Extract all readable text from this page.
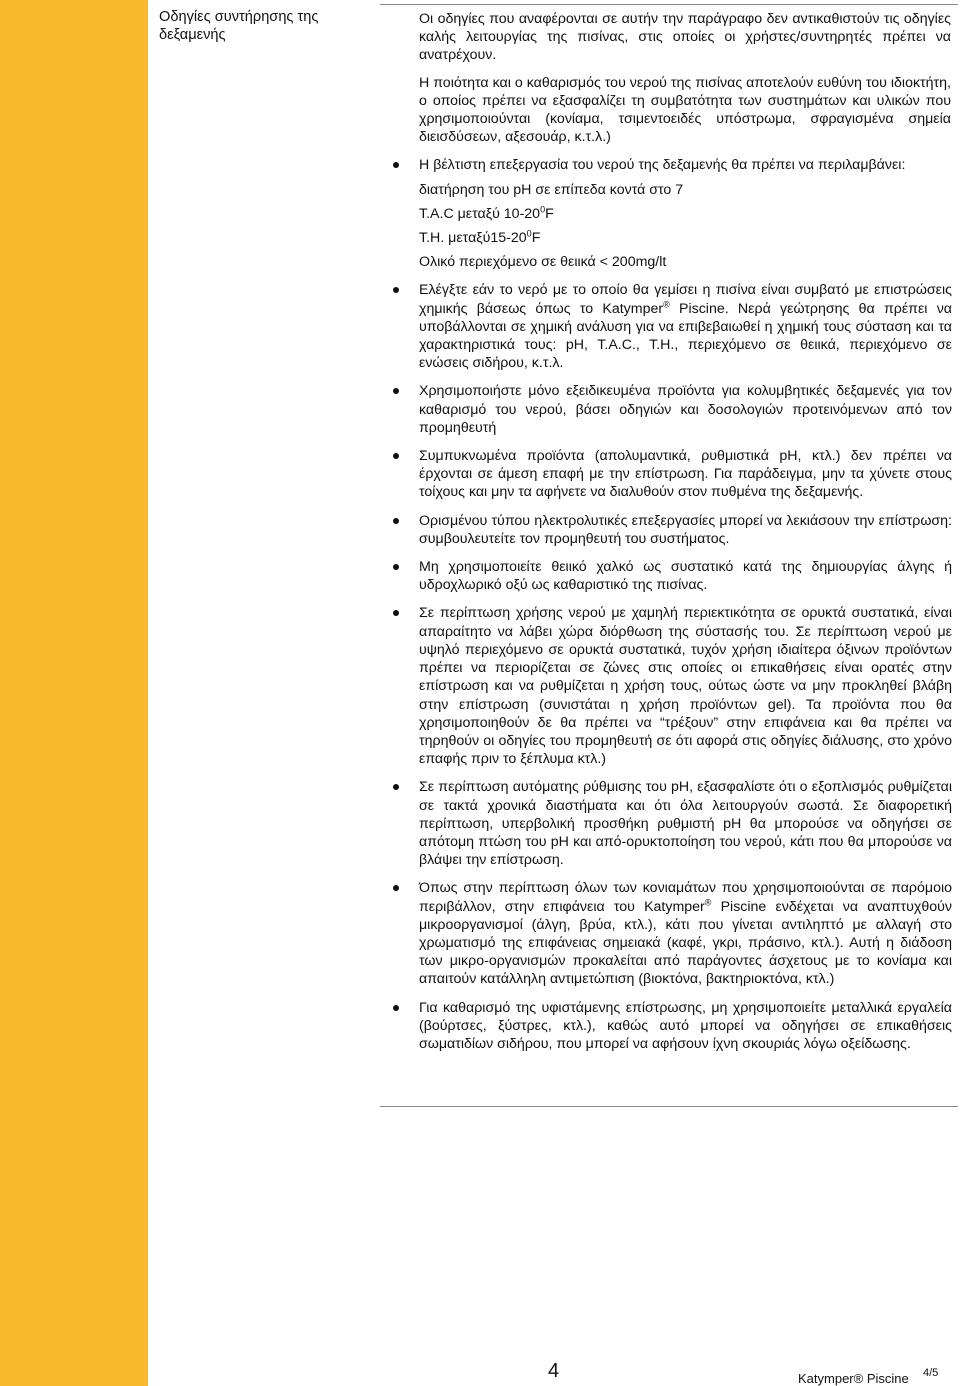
Οδηγίες συντήρησης της δεξαμενής

Οι οδηγίες που αναφέρονται σε αυτήν την παράγραφο δεν αντικαθιστούν τις οδηγίες καλής λειτουργίας της πισίνας, στις οποίες οι χρήστες/συντηρητές πρέπει να ανατρέχουν.

Η ποιότητα και ο καθαρισμός του νερού της πισίνας αποτελούν ευθύνη του ιδιοκτήτη, ο οποίος πρέπει να εξασφαλίζει τη συμβατότητα των συστημάτων και υλικών που χρησιμοποιούνται (κονίαμα, τσιμεντοειδές υπόστρωμα, σφραγισμένα σημεία διεισδύσεων, αξεσουάρ, κ.τ.λ.)

Η βέλτιστη επεξεργασία του νερού της δεξαμενής θα πρέπει να περιλαμβάνει:
διατήρηση του pH σε επίπεδα κοντά στο 7
T.A.C μεταξύ $10-20^0F$
T.H. $\mu\varepsilon\tau\alpha\xi ύ15-20^0F$
Ολικό περιεχόμενο σε θειικά < 200mg/lt
Ελέγξτε εάν το νερό με το οποίο θα γεμίσει η πισίνα είναι συμβατό με επιστρώσεις χημικής βάσεως όπως το Katymper® Piscine. Νερά γεώτρησης θα πρέπει να υποβάλλονται σε χημική ανάλυση για να επιβεβαιωθεί η χημική τους σύσταση και τα χαρακτηριστικά τους: pH, T.A.C., T.H., περιεχόμενο σε θειικά, περιεχόμενο σε ενώσεις σιδήρου, κ.τ.λ.
Χρησιμοποιήστε μόνο εξειδικευμένα προϊόντα για κολυμβητικές δεξαμενές για τον καθαρισμό του νερού, βάσει οδηγιών και δοσολογιών προτεινόμενων από τον προμηθευτή
Συμπυκνωμένα προϊόντα (απολυμαντικά, ρυθμιστικά pH, κτλ.) δεν πρέπει να έρχονται σε άμεση επαφή με την επίστρωση. Για παράδειγμα, μην τα χύνετε στους τοίχους και μην τα αφήνετε να διαλυθούν στον πυθμένα της δεξαμενής.
Ορισμένου τύπου ηλεκτρολυτικές επεξεργασίες μπορεί να λεκιάσουν την επίστρωση: συμβουλευτείτε τον προμηθευτή του συστήματος.
Μη χρησιμοποιείτε θειικό χαλκό ως συστατικό κατά της δημιουργίας άλγης ή υδροχλωρικό οξύ ως καθαριστικό της πισίνας.
Σε περίπτωση χρήσης νερού με χαμηλή περιεκτικότητα σε ορυκτά συστατικά, είναι απαραίτητο να λάβει χώρα διόρθωση της σύστασής του. Σε περίπτωση νερού με υψηλό περιεχόμενο σε ορυκτά συστατικά, τυχόν χρήση ιδιαίτερα όξινων προϊόντων πρέπει να περιορίζεται σε ζώνες στις οποίες οι επικαθήσεις είναι ορατές στην επίστρωση και να ρυθμίζεται η χρήση τους, ούτως ώστε να μην προκληθεί βλάβη στην επίστρωση (συνιστάται η χρήση προϊόντων gel). Τα προϊόντα που θα χρησιμοποιηθούν δε θα πρέπει να “τρέξουν” στην επιφάνεια και θα πρέπει να τηρηθούν οι οδηγίες του προμηθευτή σε ότι αφορά στις οδηγίες διάλυσης, στο χρόνο επαφής πριν το ξέπλυμα κτλ.)
Σε περίπτωση αυτόματης ρύθμισης του pH, εξασφαλίστε ότι ο εξοπλισμός ρυθμίζεται σε τακτά χρονικά διαστήματα και ότι όλα λειτουργούν σωστά. Σε διαφορετική περίπτωση, υπερβολική προσθήκη ρυθμιστή pH θα μπορούσε να οδηγήσει σε απότομη πτώση του pH και από-ορυκτοποίηση του νερού, κάτι που θα μπορούσε να βλάψει την επίστρωση.
Όπως στην περίπτωση όλων των κονιαμάτων που χρησιμοποιούνται σε παρόμοιο περιβάλλον, στην επιφάνεια του Katymper® Piscine ενδέχεται να αναπτυχθούν μικροοργανισμοί (άλγη, βρύα, κτλ.), κάτι που γίνεται αντιληπτό με αλλαγή στο χρωματισμό της επιφάνειας σημειακά (καφέ, γκρι, πράσινο, κτλ.). Αυτή η διάδοση των μικρο-οργανισμών προκαλείται από παράγοντες άσχετους με το κονίαμα και απαιτούν κατάλληλη αντιμετώπιση (βιοκτόνα, βακτηριοκτόνα, κτλ.)
Για καθαρισμό της υφιστάμενης επίστρωσης, μη χρησιμοποιείτε μεταλλικά εργαλεία (βούρτσες, ξύστρες, κτλ.), καθώς αυτό μπορεί να οδηγήσει σε επικαθήσεις σωματιδίων σιδήρου, που μπορεί να αφήσουν ίχνη σκουριάς λόγω οξείδωσης.
4	Katymper® Piscine 4/5
